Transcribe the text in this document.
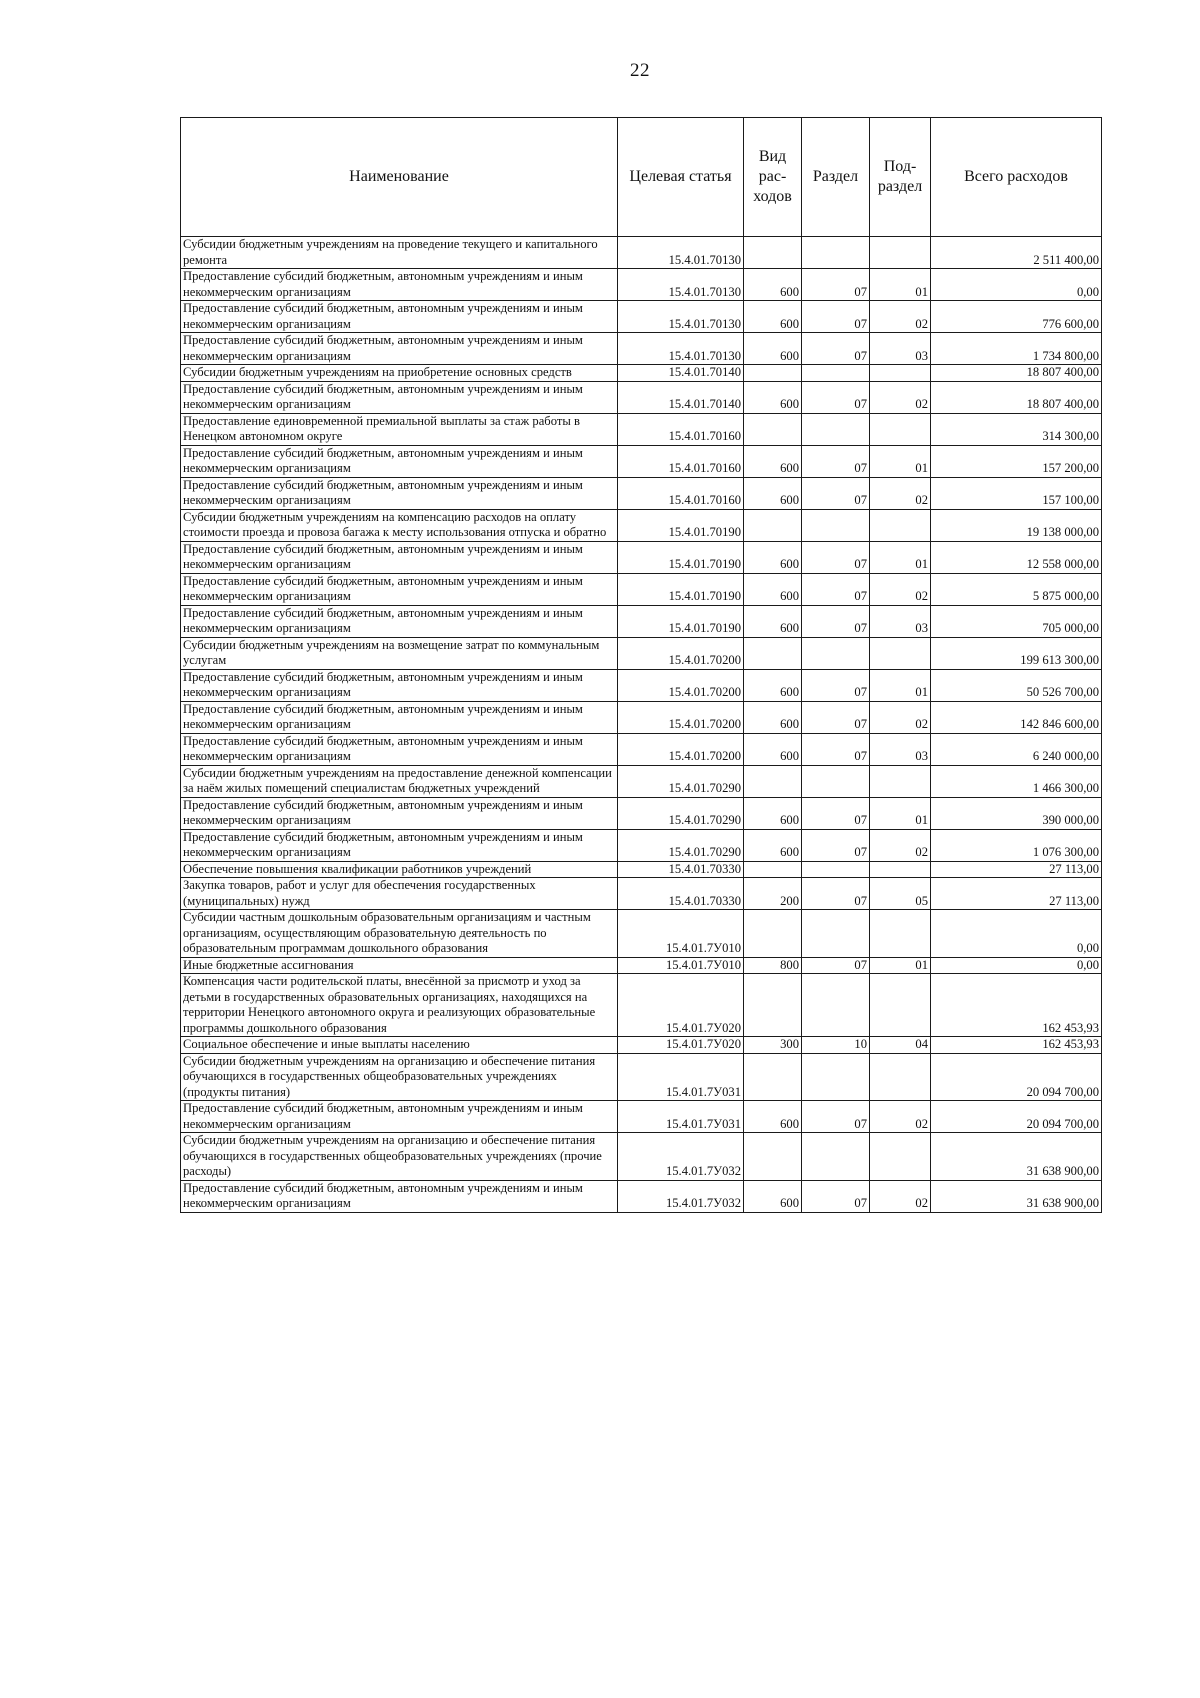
22
Наименование	Целевая статья	Вид рас-ходов	Раздел	Под-раздел	Всего расходов
Субсидии бюджетным учреждениям на проведение текущего и капитального ремонта	15.4.01.70130				2 511 400,00
Предоставление субсидий бюджетным, автономным учреждениям и иным некоммерческим организациям	15.4.01.70130	600	07	01	0,00
Предоставление субсидий бюджетным, автономным учреждениям и иным некоммерческим организациям	15.4.01.70130	600	07	02	776 600,00
Предоставление субсидий бюджетным, автономным учреждениям и иным некоммерческим организациям	15.4.01.70130	600	07	03	1 734 800,00
Субсидии бюджетным учреждениям на приобретение основных средств	15.4.01.70140				18 807 400,00
Предоставление субсидий бюджетным, автономным учреждениям и иным некоммерческим организациям	15.4.01.70140	600	07	02	18 807 400,00
Предоставление единовременной премиальной выплаты за стаж работы в Ненецком автономном округе	15.4.01.70160				314 300,00
Предоставление субсидий бюджетным, автономным учреждениям и иным некоммерческим организациям	15.4.01.70160	600	07	01	157 200,00
Предоставление субсидий бюджетным, автономным учреждениям и иным некоммерческим организациям	15.4.01.70160	600	07	02	157 100,00
Субсидии бюджетным учреждениям на компенсацию расходов на оплату стоимости проезда и провоза багажа к месту использования отпуска и обратно	15.4.01.70190				19 138 000,00
Предоставление субсидий бюджетным, автономным учреждениям и иным некоммерческим организациям	15.4.01.70190	600	07	01	12 558 000,00
Предоставление субсидий бюджетным, автономным учреждениям и иным некоммерческим организациям	15.4.01.70190	600	07	02	5 875 000,00
Предоставление субсидий бюджетным, автономным учреждениям и иным некоммерческим организациям	15.4.01.70190	600	07	03	705 000,00
Субсидии бюджетным учреждениям на возмещение затрат по коммунальным услугам	15.4.01.70200				199 613 300,00
Предоставление субсидий бюджетным, автономным учреждениям и иным некоммерческим организациям	15.4.01.70200	600	07	01	50 526 700,00
Предоставление субсидий бюджетным, автономным учреждениям и иным некоммерческим организациям	15.4.01.70200	600	07	02	142 846 600,00
Предоставление субсидий бюджетным, автономным учреждениям и иным некоммерческим организациям	15.4.01.70200	600	07	03	6 240 000,00
Субсидии бюджетным учреждениям на предоставление денежной компенсации за наём жилых помещений специалистам бюджетных учреждений	15.4.01.70290				1 466 300,00
Предоставление субсидий бюджетным, автономным учреждениям и иным некоммерческим организациям	15.4.01.70290	600	07	01	390 000,00
Предоставление субсидий бюджетным, автономным учреждениям и иным некоммерческим организациям	15.4.01.70290	600	07	02	1 076 300,00
Обеспечение повышения квалификации работников учреждений	15.4.01.70330				27 113,00
Закупка товаров, работ и услуг для обеспечения государственных (муниципальных) нужд	15.4.01.70330	200	07	05	27 113,00
Субсидии частным дошкольным образовательным организациям и частным организациям, осуществляющим образовательную деятельность по образовательным программам дошкольного образования	15.4.01.7У010				0,00
Иные бюджетные ассигнования	15.4.01.7У010	800	07	01	0,00
Компенсация части родительской платы, внесённой за присмотр и уход за детьми в государственных образовательных организациях, находящихся на территории Ненецкого автономного округа и реализующих образовательные программы дошкольного образования	15.4.01.7У020				162 453,93
Социальное обеспечение и иные выплаты населению	15.4.01.7У020	300	10	04	162 453,93
Субсидии бюджетным учреждениям на организацию и обеспечение питания обучающихся в государственных общеобразовательных учреждениях (продукты питания)	15.4.01.7У031				20 094 700,00
Предоставление субсидий бюджетным, автономным учреждениям и иным некоммерческим организациям	15.4.01.7У031	600	07	02	20 094 700,00
Субсидии бюджетным учреждениям на организацию и обеспечение питания обучающихся в государственных общеобразовательных учреждениях (прочие расходы)	15.4.01.7У032				31 638 900,00
Предоставление субсидий бюджетным, автономным учреждениям и иным некоммерческим организациям	15.4.01.7У032	600	07	02	31 638 900,00
